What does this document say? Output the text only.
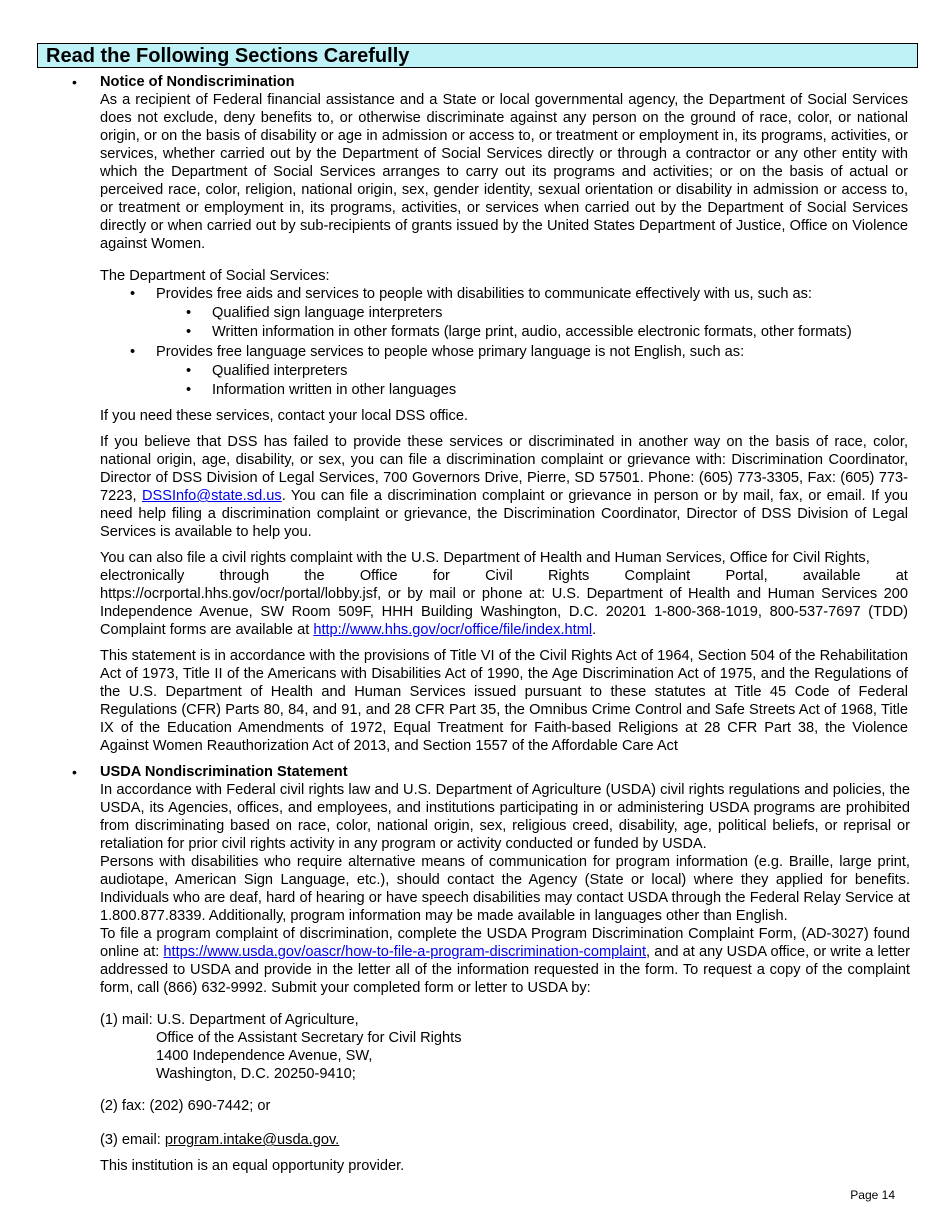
Read the Following Sections Carefully
• Notice of Nondiscrimination

As a recipient of Federal financial assistance and a State or local governmental agency, the Department of Social Services does not exclude, deny benefits to, or otherwise discriminate against any person on the ground of race, color, or national origin, or on the basis of disability or age in admission or access to, or treatment or employment in, its programs, activities, or services, whether carried out by the Department of Social Services directly or through a contractor or any other entity with which the Department of Social Services arranges to carry out its programs and activities; or on the basis of actual or perceived race, color, religion, national origin, sex, gender identity, sexual orientation or disability in admission or access to, or treatment or employment in, its programs, activities, or services when carried out by the Department of Social Services directly or when carried out by sub-recipients of grants issued by the United States Department of Justice, Office on Violence against Women.

The Department of Social Services:
• Provides free aids and services to people with disabilities to communicate effectively with us, such as:
• Qualified sign language interpreters
• Written information in other formats (large print, audio, accessible electronic formats, other formats)
• Provides free language services to people whose primary language is not English, such as:
• Qualified interpreters
• Information written in other languages
If you need these services, contact your local DSS office.

If you believe that DSS has failed to provide these services or discriminated in another way on the basis of race, color, national origin, age, disability, or sex, you can file a discrimination complaint or grievance with: Discrimination Coordinator, Director of DSS Division of Legal Services, 700 Governors Drive, Pierre, SD 57501. Phone: (605) 773-3305, Fax: (605) 773-7223, DSSInfo@state.sd.us. You can file a discrimination complaint or grievance in person or by mail, fax, or email. If you need help filing a discrimination complaint or grievance, the Discrimination Coordinator, Director of DSS Division of Legal Services is available to help you.

You can also file a civil rights complaint with the U.S. Department of Health and Human Services, Office for Civil Rights,
electronically through the Office for Civil Rights Complaint Portal, available at
https://ocrportal.hhs.gov/ocr/portal/lobby.jsf, or by mail or phone at: U.S. Department of Health and Human Services 200 Independence Avenue, SW Room 509F, HHH Building Washington, D.C. 20201 1-800-368-1019, 800-537-7697 (TDD) Complaint forms are available at http://www.hhs.gov/ocr/office/file/index.html.

This statement is in accordance with the provisions of Title VI of the Civil Rights Act of 1964, Section 504 of the Rehabilitation Act of 1973, Title II of the Americans with Disabilities Act of 1990, the Age Discrimination Act of 1975, and the Regulations of the U.S. Department of Health and Human Services issued pursuant to these statutes at Title 45 Code of Federal Regulations (CFR) Parts 80, 84, and 91, and 28 CFR Part 35, the Omnibus Crime Control and Safe Streets Act of 1968, Title IX of the Education Amendments of 1972, Equal Treatment for Faith-based Religions at 28 CFR Part 38, the Violence Against Women Reauthorization Act of 2013, and Section 1557 of the Affordable Care Act

• USDA Nondiscrimination Statement

In accordance with Federal civil rights law and U.S. Department of Agriculture (USDA) civil rights regulations and policies, the USDA, its Agencies, offices, and employees, and institutions participating in or administering USDA programs are prohibited from discriminating based on race, color, national origin, sex, religious creed, disability, age, political beliefs, or reprisal or retaliation for prior civil rights activity in any program or activity conducted or funded by USDA.

Persons with disabilities who require alternative means of communication for program information (e.g. Braille, large print, audiotape, American Sign Language, etc.), should contact the Agency (State or local) where they applied for benefits. Individuals who are deaf, hard of hearing or have speech disabilities may contact USDA through the Federal Relay Service at 1.800.877.8339. Additionally, program information may be made available in languages other than English.

To file a program complaint of discrimination, complete the USDA Program Discrimination Complaint Form, (AD-3027) found online at: https://www.usda.gov/oascr/how-to-file-a-program-discrimination-complaint, and at any USDA office, or write a letter addressed to USDA and provide in the letter all of the information requested in the form. To request a copy of the complaint form, call (866) 632-9992. Submit your completed form or letter to USDA by:

(1) mail: U.S. Department of Agriculture,
Office of the Assistant Secretary for Civil Rights
1400 Independence Avenue, SW,
Washington, D.C. 20250-9410;
(2) fax: (202) 690-7442; or
(3) email: program.intake@usda.gov.
This institution is an equal opportunity provider.
Page 14
